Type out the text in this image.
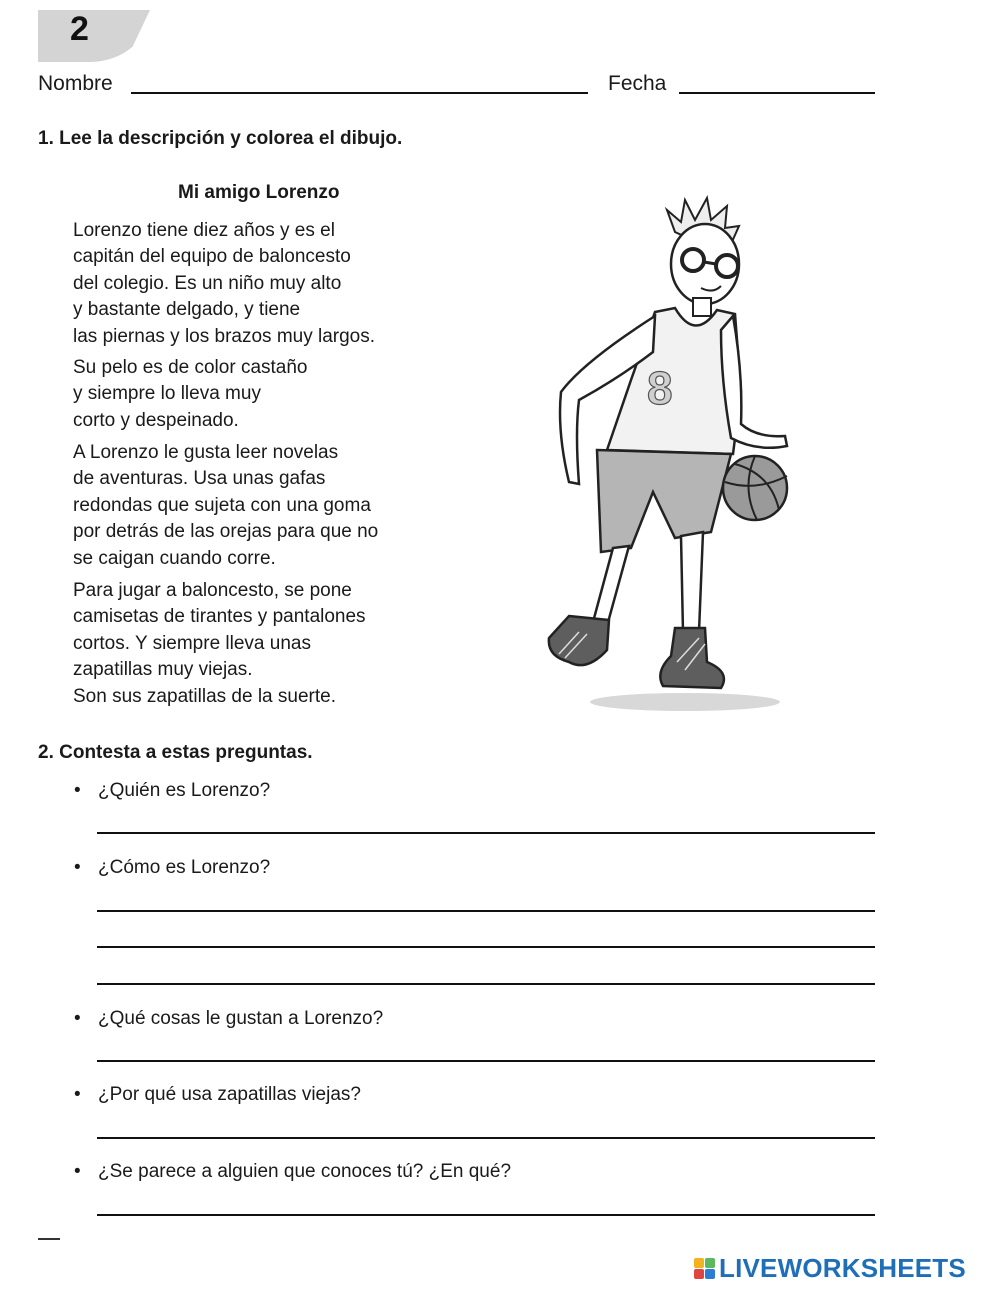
2
Nombre	Fecha
1. Lee la descripción y colorea el dibujo.
Mi amigo Lorenzo
Lorenzo tiene diez años y es el
capitán del equipo de baloncesto
del colegio. Es un niño muy alto
y bastante delgado, y tiene
las piernas y los brazos muy largos.
Su pelo es de color castaño
y siempre lo lleva muy
corto y despeinado.
A Lorenzo le gusta leer novelas
de aventuras. Usa unas gafas
redondas que sujeta con una goma
por detrás de las orejas para que no
se caigan cuando corre.
Para jugar a baloncesto, se pone
camisetas de tirantes y pantalones
cortos. Y siempre lleva unas
zapatillas muy viejas.
Son sus zapatillas de la suerte.
8
2. Contesta a estas preguntas.
• ¿Quién es Lorenzo?
• ¿Cómo es Lorenzo?
• ¿Qué cosas le gustan a Lorenzo?
• ¿Por qué usa zapatillas viejas?
• ¿Se parece a alguien que conoces tú? ¿En qué?
LIVEWORKSHEETS
